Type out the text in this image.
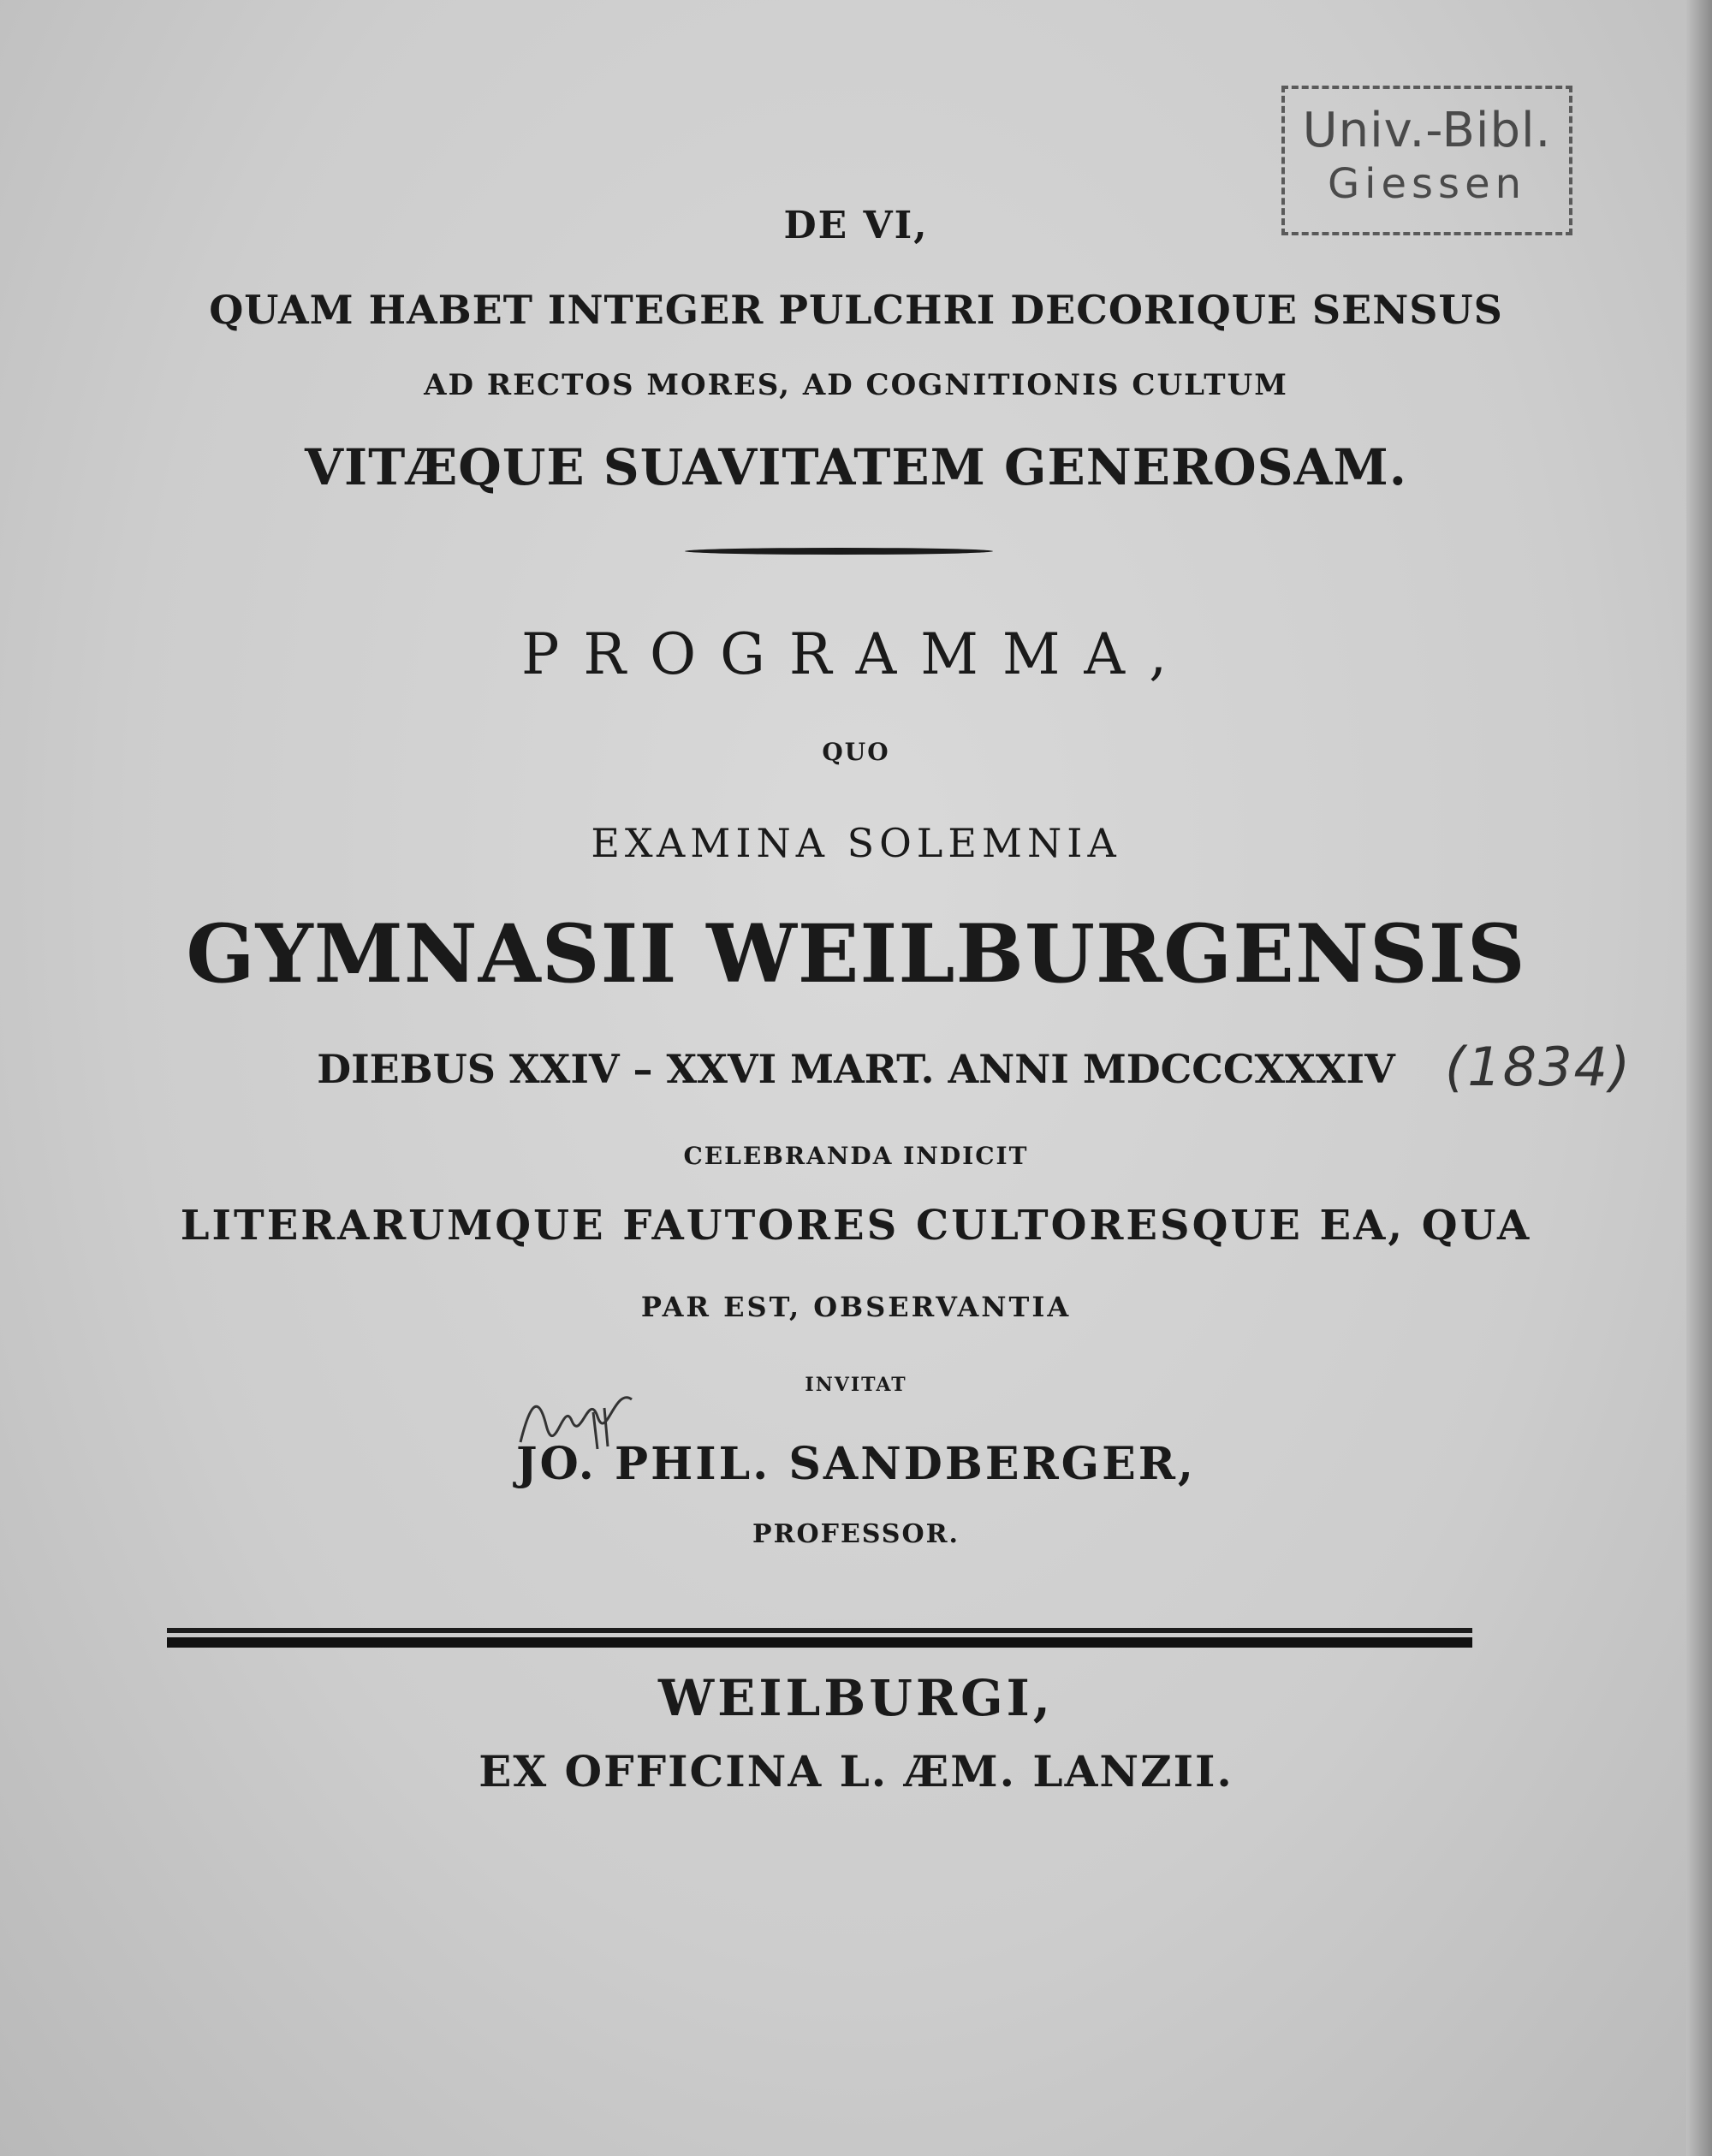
Univ.-Bibl.
Giessen
DE VI,
QUAM HABET INTEGER PULCHRI DECORIQUE SENSUS
AD RECTOS MORES, AD COGNITIONIS CULTUM
VITÆQUE SUAVITATEM GENEROSAM.
PROGRAMMA,
QUO
EXAMINA SOLEMNIA
GYMNASII WEILBURGENSIS
DIEBUS XXIV – XXVI MART. ANNI MDCCCXXXIV
CELEBRANDA INDICIT
LITERARUMQUE FAUTORES CULTORESQUE EA, QUA
PAR EST, OBSERVANTIA
INVITAT
JO. PHIL. SANDBERGER,
PROFESSOR.
WEILBURGI,
EX OFFICINA L. ÆM. LANZII.
(1834)
